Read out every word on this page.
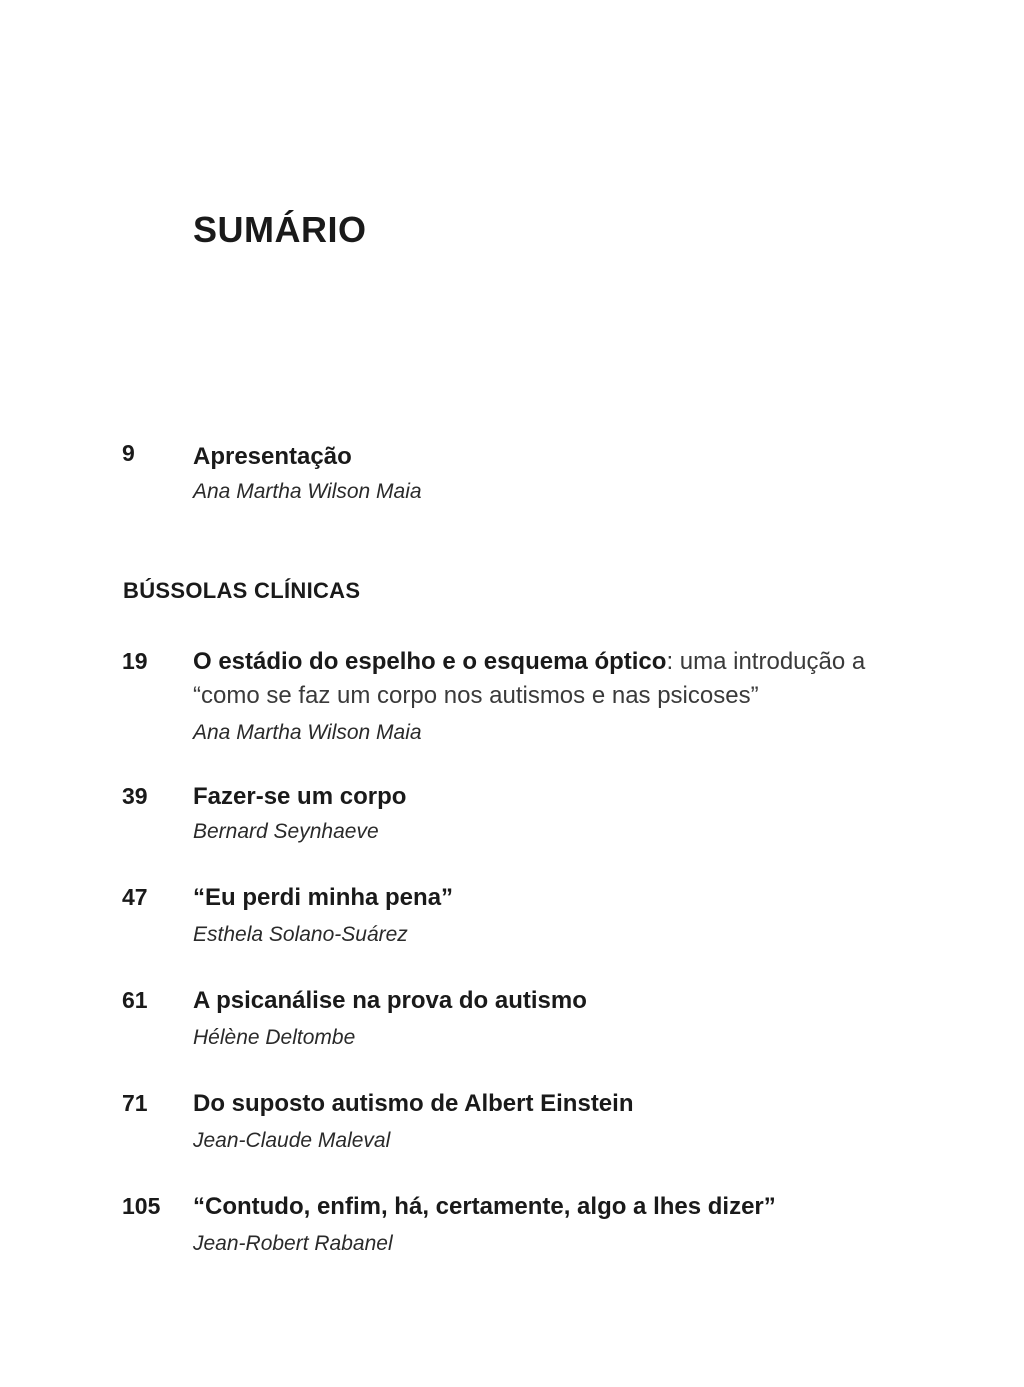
SUMÁRIO
9 Apresentação
Ana Martha Wilson Maia
BÚSSOLAS CLÍNICAS
19 O estádio do espelho e o esquema óptico: uma introdução a “como se faz um corpo nos autismos e nas psicoses”
Ana Martha Wilson Maia
39 Fazer-se um corpo
Bernard Seynhaeve
47 “Eu perdi minha pena”
Esthela Solano-Suárez
61 A psicanálise na prova do autismo
Hélène Deltombe
71 Do suposto autismo de Albert Einstein
Jean-Claude Maleval
105 “Contudo, enfim, há, certamente, algo a lhes dizer”
Jean-Robert Rabanel
